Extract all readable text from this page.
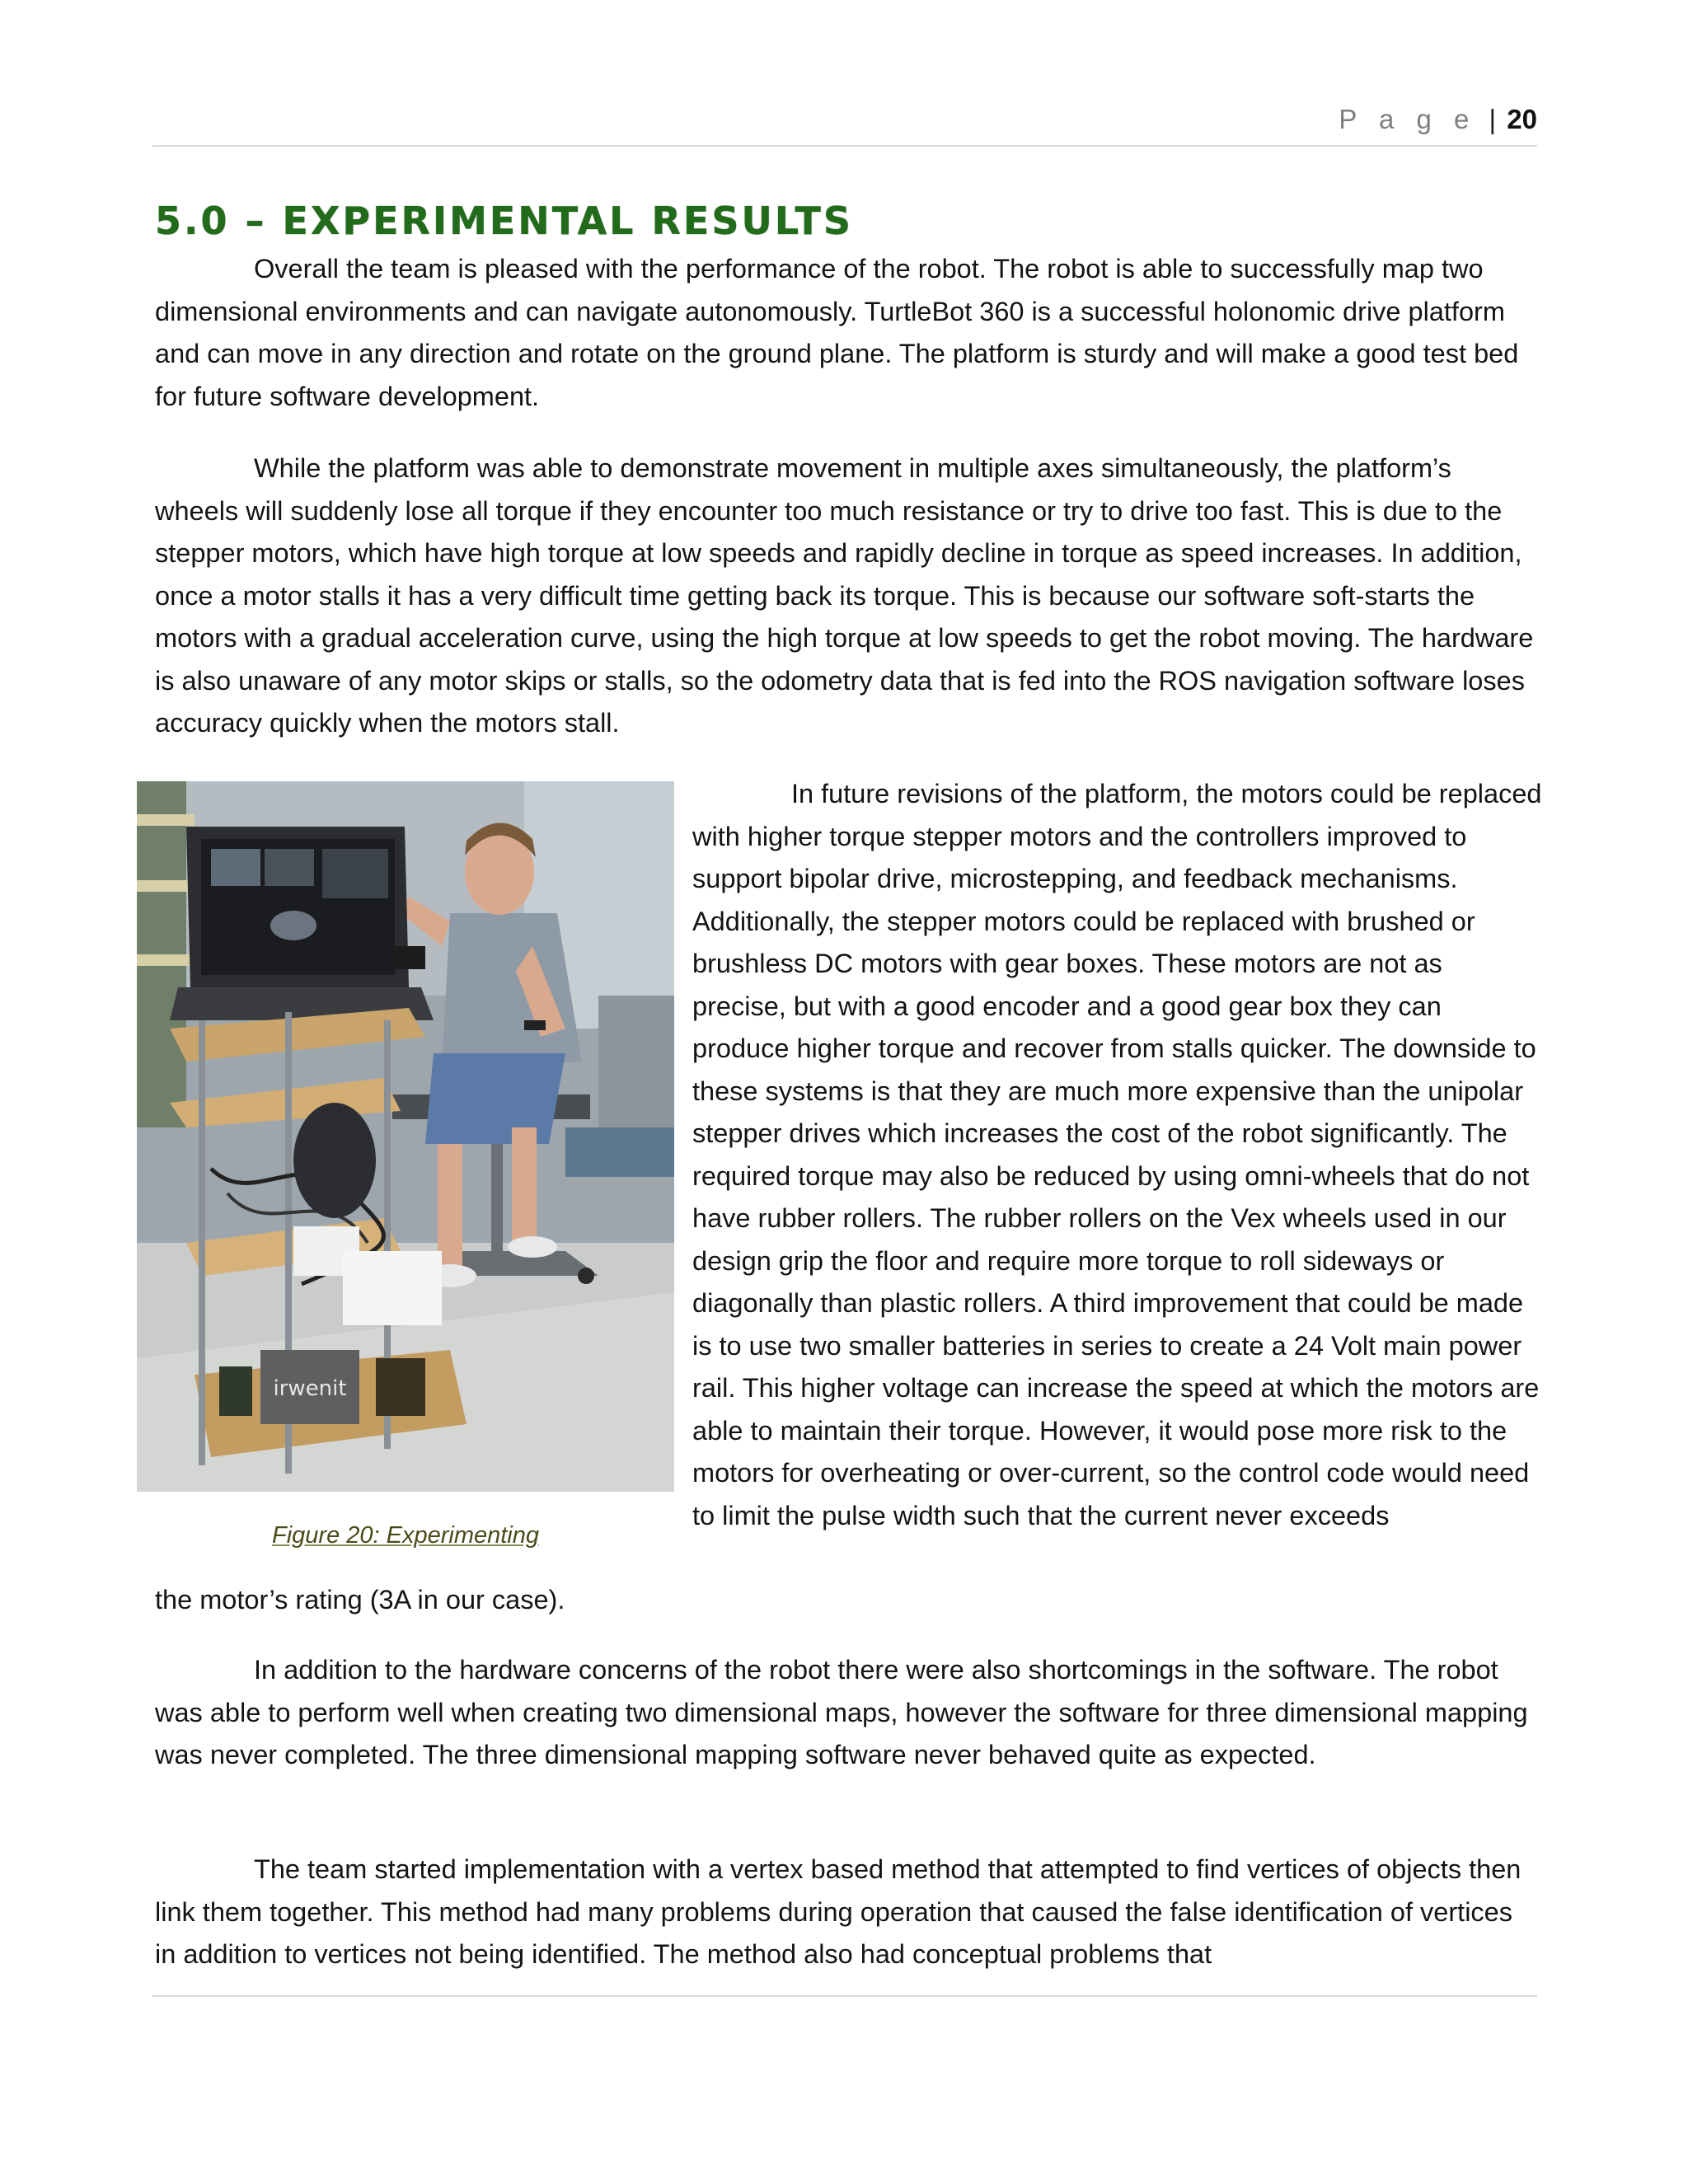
P a g e | 20
5.0 – EXPERIMENTAL RESULTS

Overall the team is pleased with the performance of the robot. The robot is able to successfully map two dimensional environments and can navigate autonomously. TurtleBot 360 is a successful holonomic drive platform and can move in any direction and rotate on the ground plane. The platform is sturdy and will make a good test bed for future software development.

While the platform was able to demonstrate movement in multiple axes simultaneously, the platform’s wheels will suddenly lose all torque if they encounter too much resistance or try to drive too fast. This is due to the stepper motors, which have high torque at low speeds and rapidly decline in torque as speed increases. In addition, once a motor stalls it has a very difficult time getting back its torque. This is because our software soft-starts the motors with a gradual acceleration curve, using the high torque at low speeds to get the robot moving. The hardware is also unaware of any motor skips or stalls, so the odometry data that is fed into the ROS navigation software loses accuracy quickly when the motors stall.

irwenit
Figure 20: Experimenting

In future revisions of the platform, the motors could be replaced with higher torque stepper motors and the controllers improved to support bipolar drive, microstepping, and feedback mechanisms. Additionally, the stepper motors could be replaced with brushed or brushless DC motors with gear boxes. These motors are not as precise, but with a good encoder and a good gear box they can produce higher torque and recover from stalls quicker. The downside to these systems is that they are much more expensive than the unipolar stepper drives which increases the cost of the robot significantly. The required torque may also be reduced by using omni-wheels that do not have rubber rollers. The rubber rollers on the Vex wheels used in our design grip the floor and require more torque to roll sideways or diagonally than plastic rollers. A third improvement that could be made is to use two smaller batteries in series to create a 24 Volt main power rail. This higher voltage can increase the speed at which the motors are able to maintain their torque. However, it would pose more risk to the motors for overheating or over-current, so the control code would need to limit the pulse width such that the current never exceeds

the motor’s rating (3A in our case).

In addition to the hardware concerns of the robot there were also shortcomings in the software. The robot was able to perform well when creating two dimensional maps, however the software for three dimensional mapping was never completed. The three dimensional mapping software never behaved quite as expected.

The team started implementation with a vertex based method that attempted to find vertices of objects then link them together. This method had many problems during operation that caused the false identification of vertices in addition to vertices not being identified. The method also had conceptual problems that
